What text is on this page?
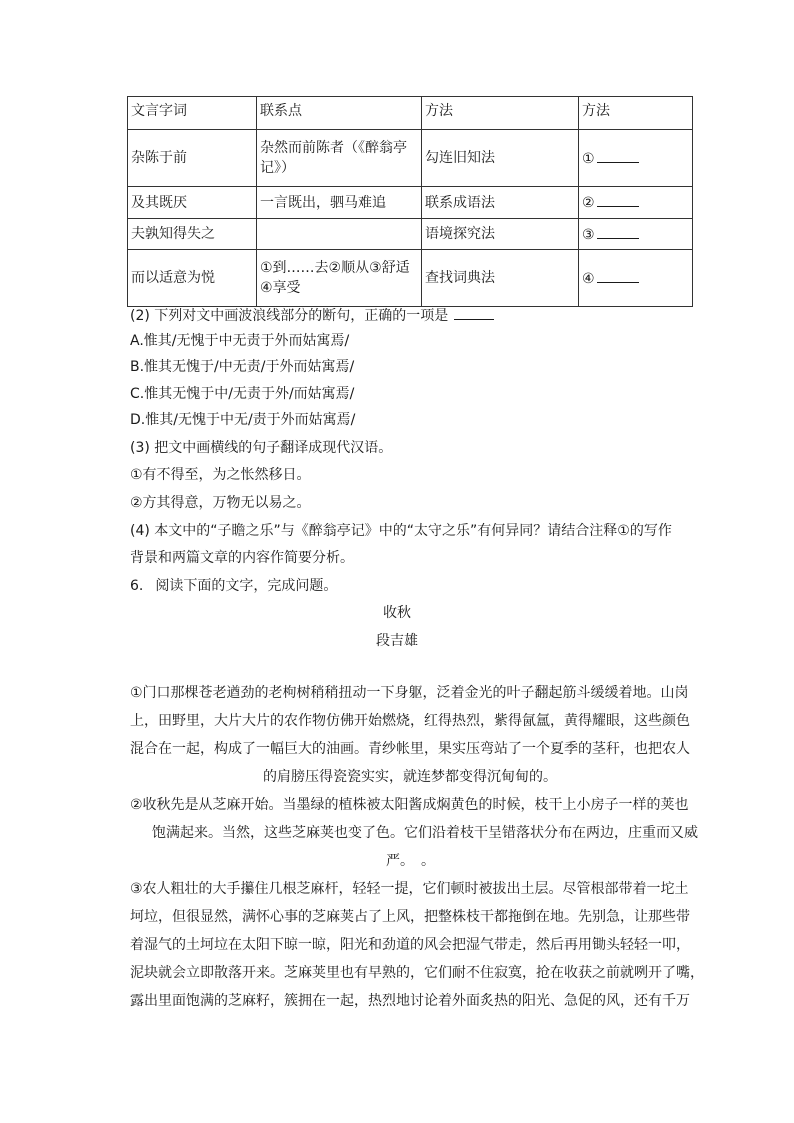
文言字词	联系点	方法	方法
杂陈于前	杂然而前陈者（《醉翁亭记》）	勾连旧知法	①
及其既厌	一言既出，驷马难追	联系成语法	②
夫孰知得失之		语境探究法	③
而以适意为悦	①到……去②顺从③舒适④享受	查找词典法	④
(2) 下列对文中画波浪线部分的断句，正确的一项是
A.惟其/无愧于中无责于外而姑寓焉/
B.惟其无愧于/中无责/于外而姑寓焉/
C.惟其无愧于中/无责于外/而姑寓焉/
D.惟其/无愧于中无/责于外而姑寓焉/
(3) 把文中画横线的句子翻译成现代汉语。
①有不得至，为之怅然移日。
②方其得意，万物无以易之。
(4) 本文中的“子瞻之乐”与《醉翁亭记》中的“太守之乐”有何异同？请结合注释①的写作
背景和两篇文章的内容作简要分析。
6. 阅读下面的文字，完成问题。
收秋
段吉雄
①门口那棵苍老遒劲的老枸树稍稍扭动一下身躯，泛着金光的叶子翻起筋斗缓缓着地。山岗
上，田野里，大片大片的农作物仿佛开始燃烧，红得热烈，紫得氤氲，黄得耀眼，这些颜色
混合在一起，构成了一幅巨大的油画。青纱帐里，果实压弯站了一个夏季的茎秆，也把农人
的肩膀压得瓷瓷实实，就连梦都变得沉甸甸的。
②收秋先是从芝麻开始。当墨绿的植株被太阳酱成焖黄色的时候，枝干上小房子一样的荚也
饱满起来。当然，这些芝麻荚也变了色。它们沿着枝干呈错落状分布在两边，庄重而又威
严。 。
③农人粗壮的大手攥住几根芝麻杆，轻轻一提，它们顿时被拔出土层。尽管根部带着一坨土
坷垃，但很显然，满怀心事的芝麻荚占了上风，把整株枝干都拖倒在地。先别急，让那些带
着湿气的土坷垃在太阳下晾一晾，阳光和劲道的风会把湿气带走，然后再用锄头轻轻一叩，
泥块就会立即散落开来。芝麻荚里也有早熟的，它们耐不住寂寞，抢在收获之前就咧开了嘴，
露出里面饱满的芝麻籽，簇拥在一起，热烈地讨论着外面炙热的阳光、急促的风，还有千万
